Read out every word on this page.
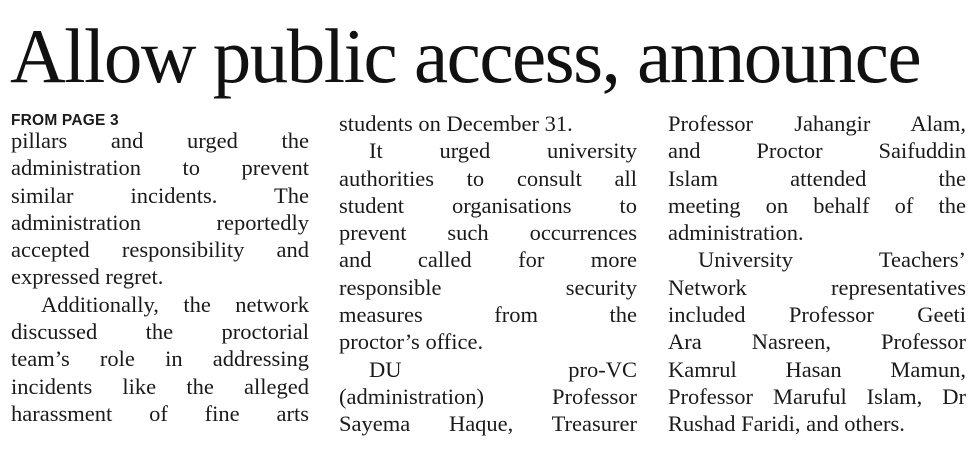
Allow public access, announce
FROM PAGE 3
pillars and urged the
administration to prevent
similar incidents. The
administration reportedly
accepted responsibility and
expressed regret.
Additionally, the network
discussed the proctorial
team’s role in addressing
incidents like the alleged
harassment of fine arts
students on December 31.
It urged university
authorities to consult all
student organisations to
prevent such occurrences
and called for more
responsible security
measures from the
proctor’s office.
DU pro-VC
(administration) Professor
Sayema Haque, Treasurer
Professor Jahangir Alam,
and Proctor Saifuddin
Islam attended the
meeting on behalf of the
administration.
University Teachers’
Network representatives
included Professor Geeti
Ara Nasreen, Professor
Kamrul Hasan Mamun,
Professor Maruful Islam, Dr
Rushad Faridi, and others.
